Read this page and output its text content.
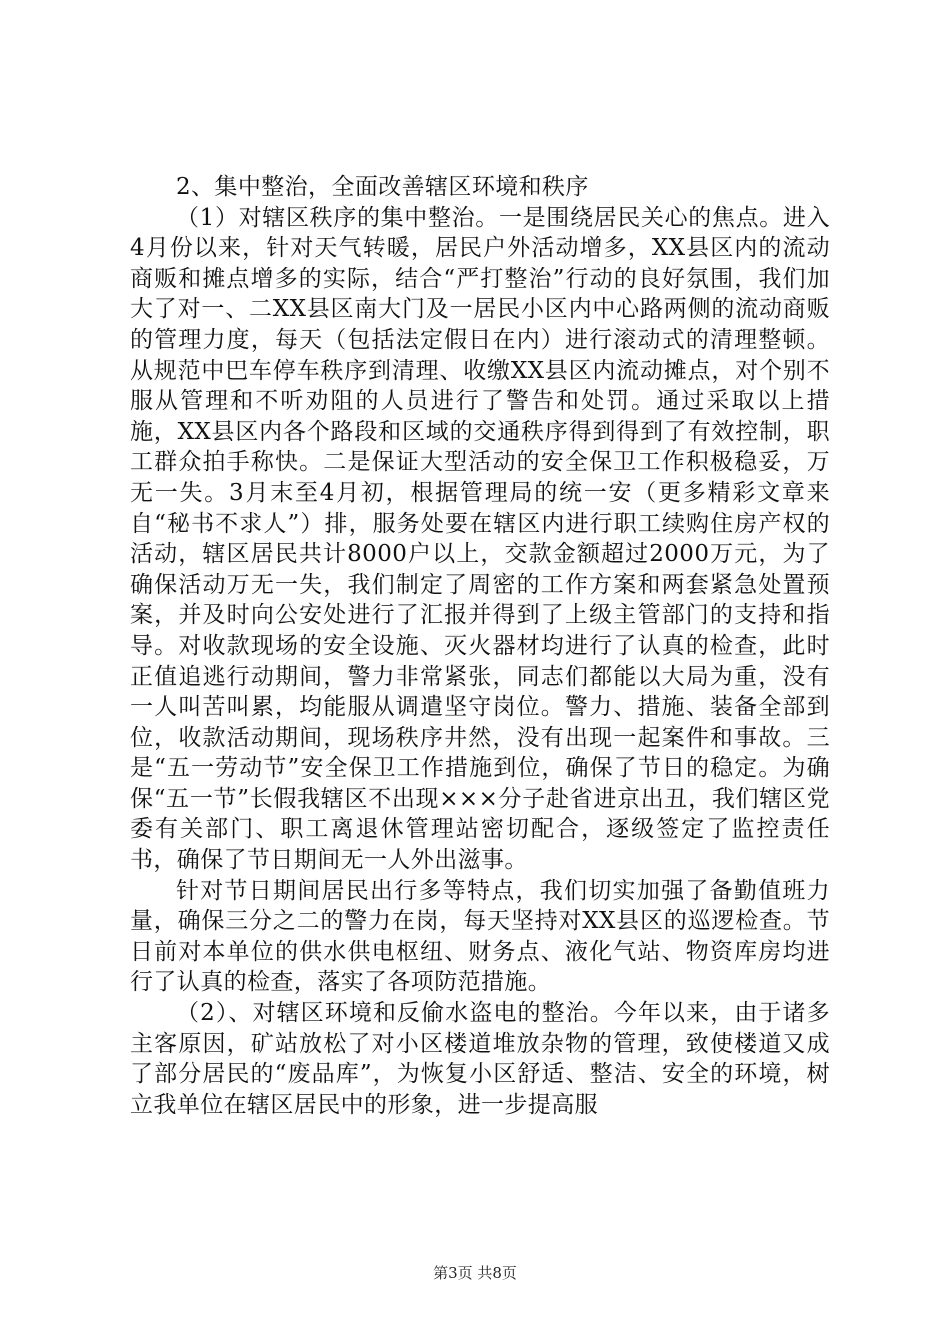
2、集中整治，全面改善辖区环境和秩序

（1）对辖区秩序的集中整治。一是围绕居民关心的焦点。进入4月份以来，针对天气转暖，居民户外活动增多，XX县区内的流动商贩和摊点增多的实际，结合“严打整治”行动的良好氛围，我们加大了对一、二XX县区南大门及一居民小区内中心路两侧的流动商贩的管理力度，每天（包括法定假日在内）进行滚动式的清理整顿。从规范中巴车停车秩序到清理、收缴XX县区内流动摊点，对个别不服从管理和不听劝阻的人员进行了警告和处罚。通过采取以上措施，XX县区内各个路段和区域的交通秩序得到得到了有效控制，职工群众拍手称快。二是保证大型活动的安全保卫工作积极稳妥，万无一失。3月末至4月初，根据管理局的统一安（更多精彩文章来自“秘书不求人”）排，服务处要在辖区内进行职工续购住房产权的活动，辖区居民共计8000户以上，交款金额超过2000万元，为了确保活动万无一失，我们制定了周密的工作方案和两套紧急处置预案，并及时向公安处进行了汇报并得到了上级主管部门的支持和指导。对收款现场的安全设施、灭火器材均进行了认真的检查，此时正值追逃行动期间，警力非常紧张，同志们都能以大局为重，没有一人叫苦叫累，均能服从调遣坚守岗位。警力、措施、装备全部到位，收款活动期间，现场秩序井然，没有出现一起案件和事故。三是“五一劳动节”安全保卫工作措施到位，确保了节日的稳定。为确保“五一节”长假我辖区不出现×××分子赴省进京出丑，我们辖区党委有关部门、职工离退休管理站密切配合，逐级签定了监控责任书，确保了节日期间无一人外出滋事。

针对节日期间居民出行多等特点，我们切实加强了备勤值班力量，确保三分之二的警力在岗，每天坚持对XX县区的巡逻检查。节日前对本单位的供水供电枢纽、财务点、液化气站、物资库房均进行了认真的检查，落实了各项防范措施。

（2）、对辖区环境和反偷水盗电的整治。今年以来，由于诸多主客原因，矿站放松了对小区楼道堆放杂物的管理，致使楼道又成了部分居民的“废品库”，为恢复小区舒适、整洁、安全的环境，树立我单位在辖区居民中的形象，进一步提高服

第3页 共8页
